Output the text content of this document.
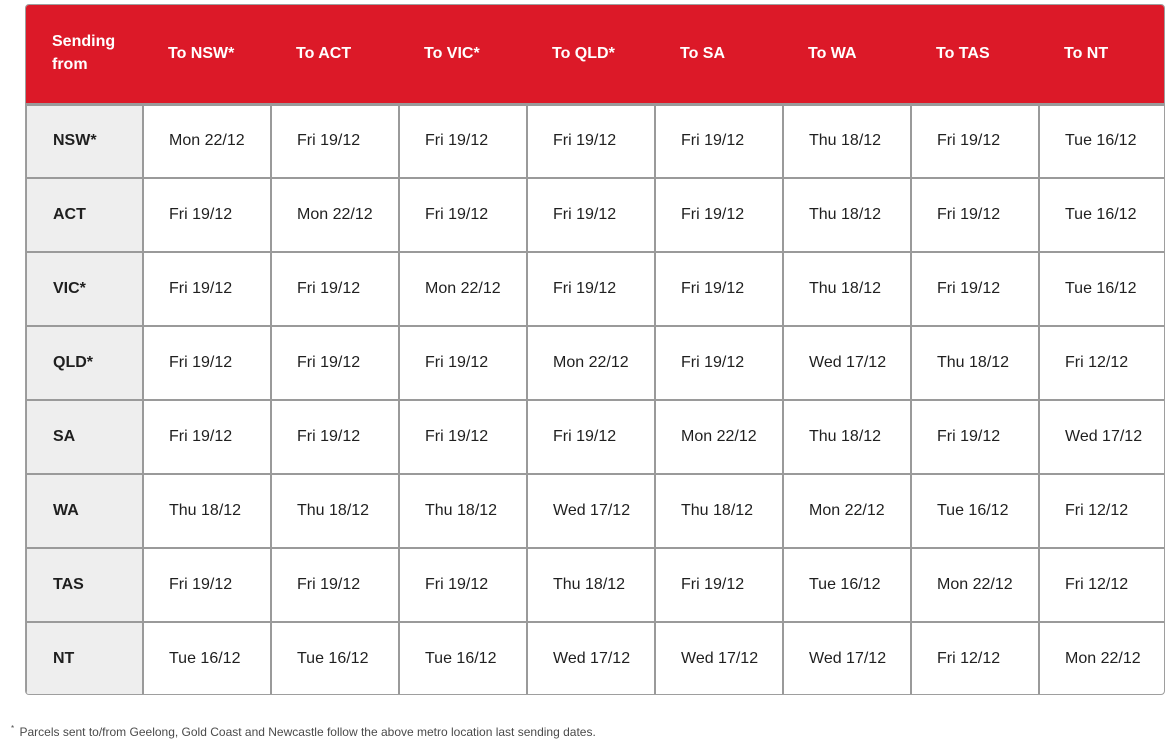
Sending
from	To NSW*	To ACT	To VIC*	To QLD*	To SA	To WA	To TAS	To NT
NSW*	Mon 22/12	Fri 19/12	Fri 19/12	Fri 19/12	Fri 19/12	Thu 18/12	Fri 19/12	Tue 16/12
ACT	Fri 19/12	Mon 22/12	Fri 19/12	Fri 19/12	Fri 19/12	Thu 18/12	Fri 19/12	Tue 16/12
VIC*	Fri 19/12	Fri 19/12	Mon 22/12	Fri 19/12	Fri 19/12	Thu 18/12	Fri 19/12	Tue 16/12
QLD*	Fri 19/12	Fri 19/12	Fri 19/12	Mon 22/12	Fri 19/12	Wed 17/12	Thu 18/12	Fri 12/12
SA	Fri 19/12	Fri 19/12	Fri 19/12	Fri 19/12	Mon 22/12	Thu 18/12	Fri 19/12	Wed 17/12
WA	Thu 18/12	Thu 18/12	Thu 18/12	Wed 17/12	Thu 18/12	Mon 22/12	Tue 16/12	Fri 12/12
TAS	Fri 19/12	Fri 19/12	Fri 19/12	Thu 18/12	Fri 19/12	Tue 16/12	Mon 22/12	Fri 12/12
NT	Tue 16/12	Tue 16/12	Tue 16/12	Wed 17/12	Wed 17/12	Wed 17/12	Fri 12/12	Mon 22/12
* Parcels sent to/from Geelong, Gold Coast and Newcastle follow the above metro location last sending dates.
